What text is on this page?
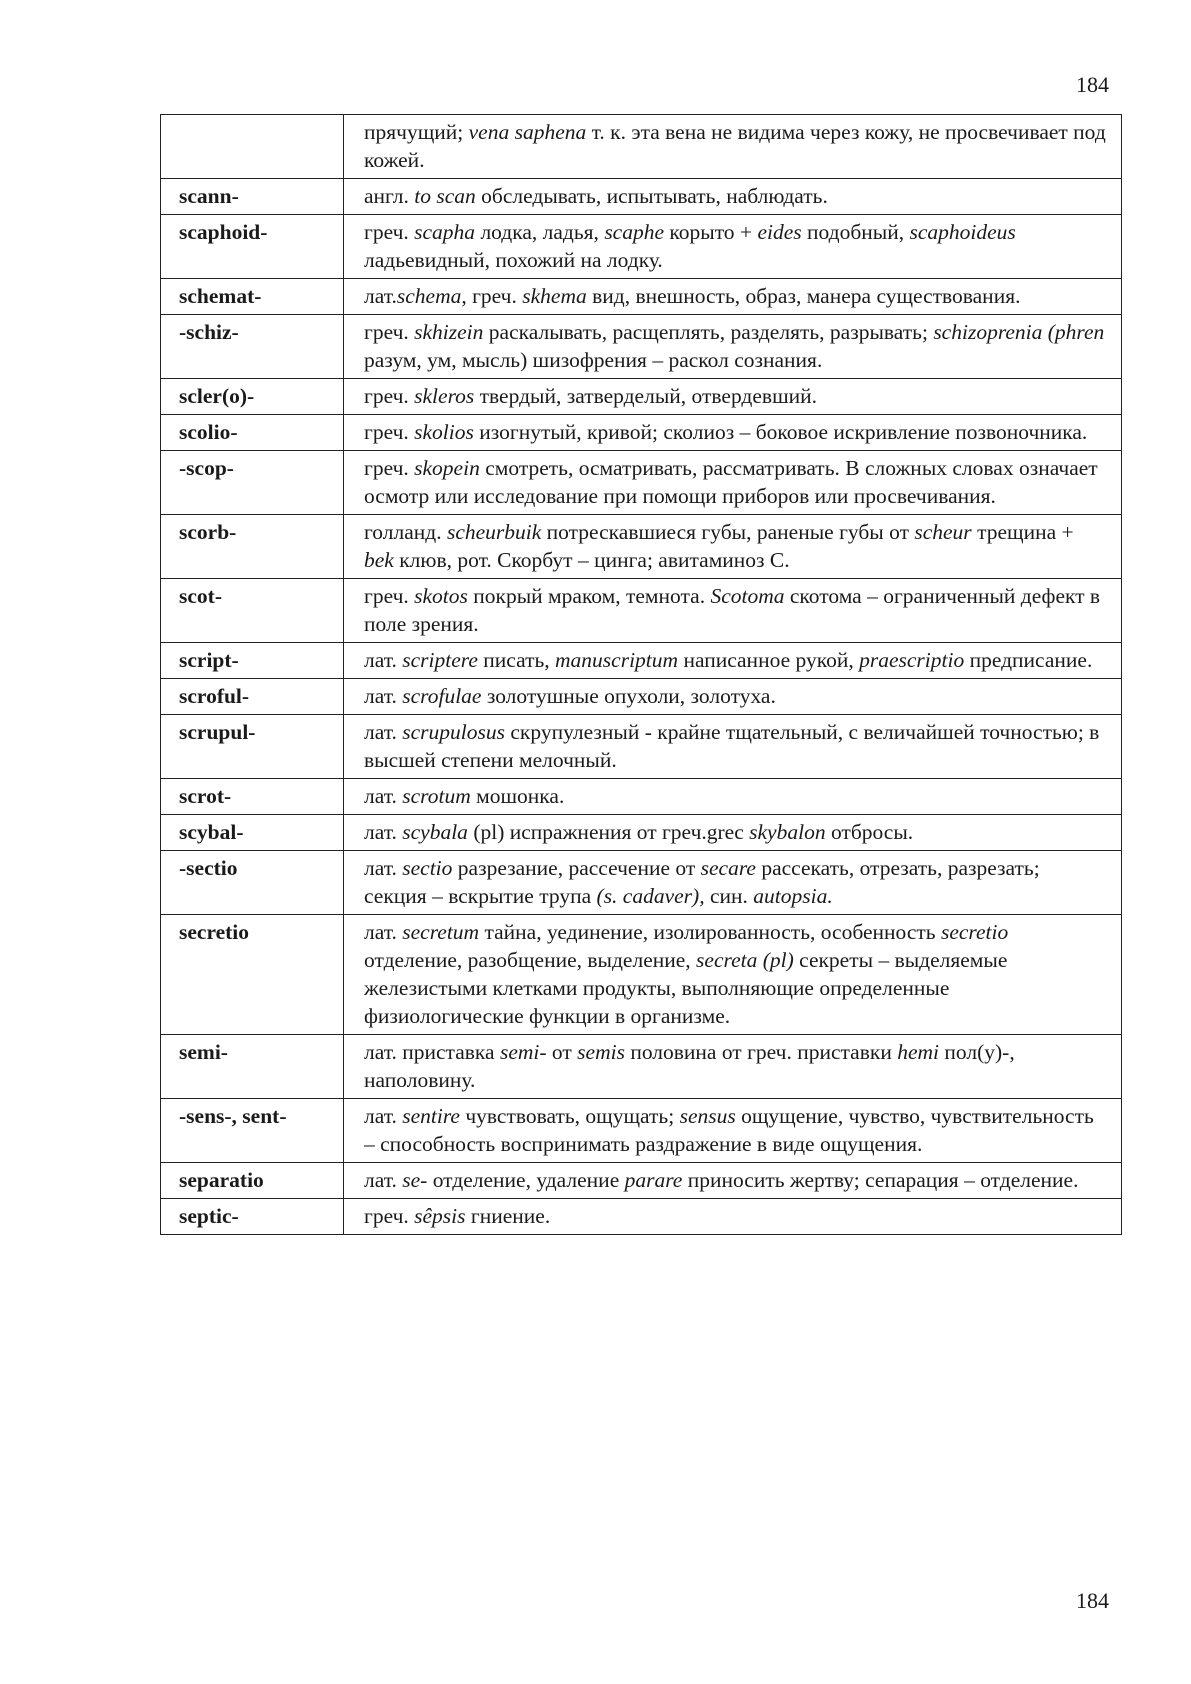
184
	прячущий; vena saphena т. к. эта вена не видима через кожу, не просвечивает под кожей.
scann-	англ. to scan обследывать, испытывать, наблюдать.
scaphoid-	греч. scapha лодка, ладья, scaphe корыто + eides подобный, scaphoideus ладьевидный, похожий на лодку.
schemat-	лат.schema, греч. skhema вид, внешность, образ, манера существования.
-schiz-	греч. skhizein раскалывать, расщеплять, разделять, разрывать; schizoprenia (phren разум, ум, мысль) шизофрения – раскол сознания.
scler(o)-	греч. skleros твердый, затверделый, отвердевший.
scolio-	греч. skolios изогнутый, кривой; сколиоз – боковое искривление позвоночника.
-scop-	греч. skopein смотреть, осматривать, рассматривать. В сложных словах означает осмотр или исследование при помощи приборов или просвечивания.
scorb-	голланд. scheurbuik потрескавшиеся губы, раненые губы от scheur трещина + bek клюв, рот. Скорбут – цинга; авитаминоз С.
scot-	греч. skotos покрый мраком, темнота. Scotoma скотома – ограниченный дефект в поле зрения.
script-	лат. scriptere писать, manuscriptum написанное рукой, praescriptio предписание.
scroful-	лат. scrofulae золотушные опухоли, золотуха.
scrupul-	лат. scrupulosus скрупулезный - крайне тщательный, с величайшей точностью; в высшей степени мелочный.
scrot-	лат. scrotum мошонка.
scybal-	лат. scybala (pl) испражнения от греч.grec skybalon отбросы.
-sectio	лат. sectio разрезание, рассечение от secare рассекать, отрезать, разрезать; секция – вскрытие трупа (s. cadaver), син. autopsia.
secretio	лат. secretum тайна, уединение, изолированность, особенность secretio отделение, разобщение, выделение, secreta (pl) секреты – выделяемые железистыми клетками продукты, выполняющие определенные физиологические функции в организме.
semi-	лат. приставка semi- от semis половина от греч. приставки hemi пол(у)-, наполовину.
-sens-, sent-	лат. sentire чувствовать, ощущать; sensus ощущение, чувство, чувствительность – способность воспринимать раздражение в виде ощущения.
separatio	лат. se- отделение, удаление parare приносить жертву; сепарация – отделение.
septic-	греч. sêpsis гниение.
184
